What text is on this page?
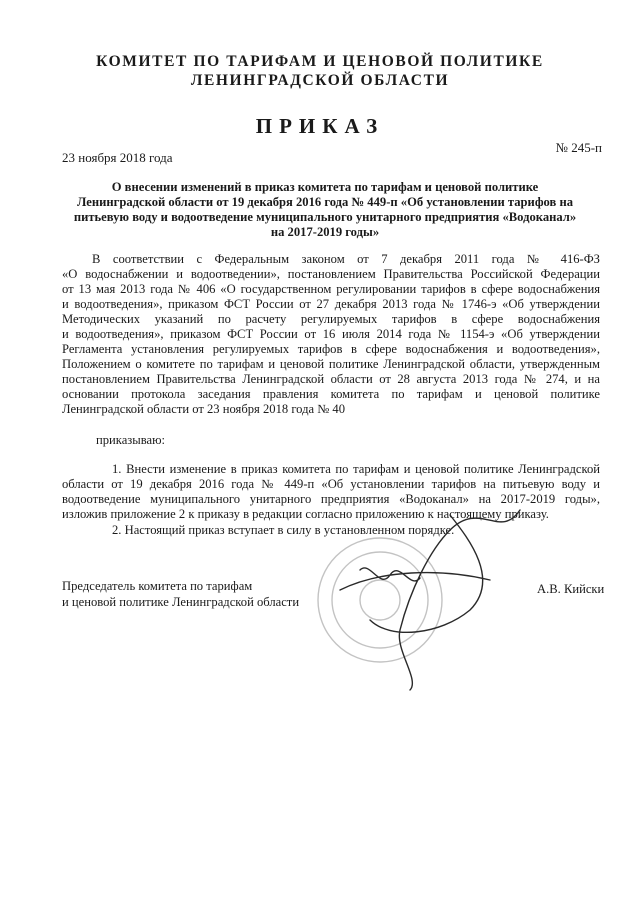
КОМИТЕТ ПО ТАРИФАМ И ЦЕНОВОЙ ПОЛИТИКЕ
ЛЕНИНГРАДСКОЙ ОБЛАСТИ
ПРИКАЗ
№ 245-п
23 ноября 2018 года
О внесении изменений в приказ комитета по тарифам и ценовой политике
Ленинградской области от 19 декабря 2016 года № 449-п «Об установлении тарифов на
питьевую воду и водоотведение муниципального унитарного предприятия «Водоканал»
на 2017-2019 годы»
В соответствии с Федеральным законом от 7 декабря 2011 года № 416-ФЗ
«О водоснабжении и водоотведении», постановлением Правительства Российской Федерации
от 13 мая 2013 года № 406 «О государственном регулировании тарифов в сфере водоснабжения
и водоотведения», приказом ФСТ России от 27 декабря 2013 года № 1746-э «Об утверждении
Методических указаний по расчету регулируемых тарифов в сфере водоснабжения
и водоотведения», приказом ФСТ России от 16 июля 2014 года № 1154-э «Об утверждении
Регламента установления регулируемых тарифов в сфере водоснабжения и водоотведения»,
Положением о комитете по тарифам и ценовой политике Ленинградской области, утвержденным
постановлением Правительства Ленинградской области от 28 августа 2013 года № 274, и на
основании протокола заседания правления комитета по тарифам и ценовой политике
Ленинградской области от 23 ноября 2018 года № 40
приказываю:
1. Внести изменение в приказ комитета по тарифам и ценовой политике Ленинградской
области от 19 декабря 2016 года № 449-п «Об установлении тарифов на питьевую воду и
водоотведение муниципального унитарного предприятия «Водоканал» на 2017-2019 годы»,
изложив приложение 2 к приказу в редакции согласно приложению к настоящему приказу.
2. Настоящий приказ вступает в силу в установленном порядке.
Председатель комитета по тарифам
и ценовой политике Ленинградской области
А.В. Кийски
